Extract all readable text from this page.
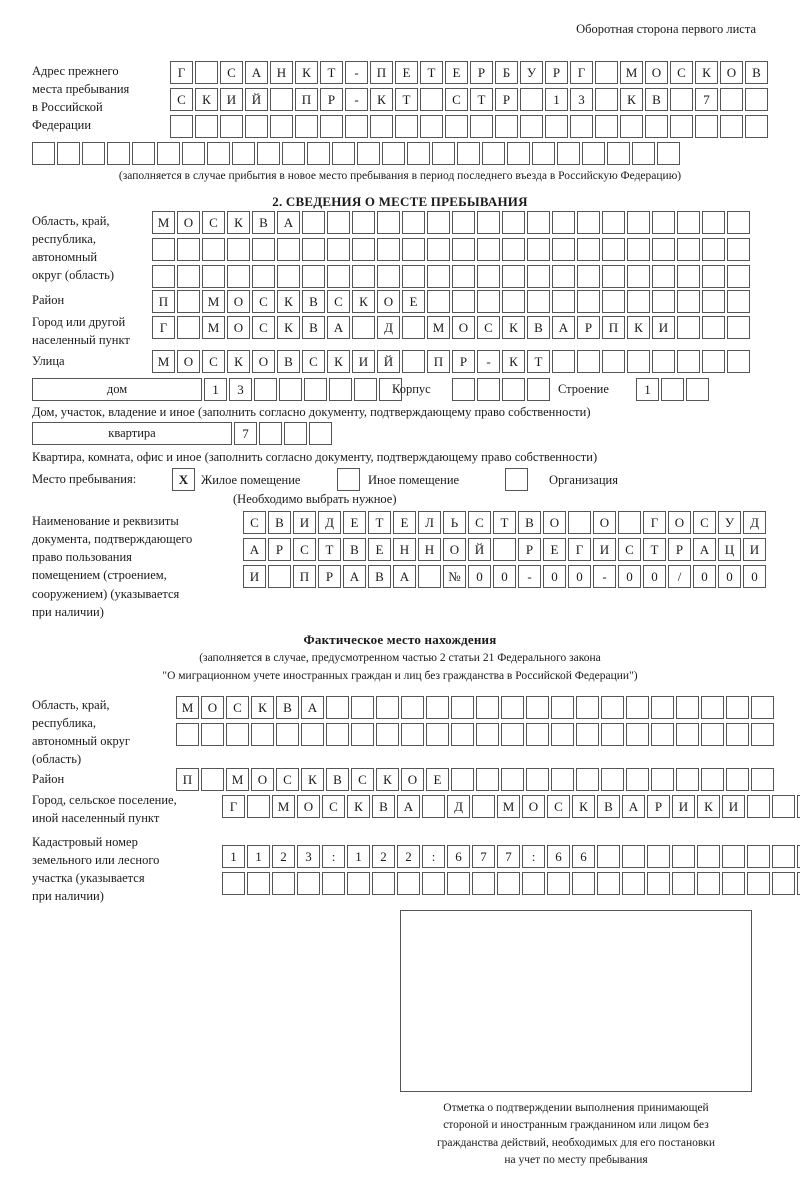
Оборотная сторона первого листа
Адрес прежнего
места пребывания
в Российской
Федерации
Г	С	А	Н	К	Т	-	П	Е	Т	Е	Р	Б	У	Р	Г	М	О	С	К	О	В
С	К	И	Й	П	Р	-	К	Т	С	Т	Р	1	3	К	В	7
(заполняется в случае прибытия в новое место пребывания в период последнего въезда в Российскую Федерацию)
2. СВЕДЕНИЯ О МЕСТЕ ПРЕБЫВАНИЯ
Область, край,
республика,
автономный
округ (область)
М	О	С	К	В	А
Район	П	М	О	С	К	В	С	К	О	Е
Город или другой
населенный пункт
Г	М	О	С	К	В	А	Д	М	О	С	К	В	А	Р	П	К	И
Улица	М	О	С	К	О	В	С	К	И	Й	П	Р	-	К	Т
дом	1	3	Корпус	Строение	1
Дом, участок, владение и иное (заполнить согласно документу, подтверждающему право собственности)
квартира	7
Квартира, комната, офис и иное (заполнить согласно документу, подтверждающему право собственности)
Место пребывания:	X	Жилое помещение	Иное помещение	Организация
(Необходимо выбрать нужное)
Наименование и реквизиты
документа, подтверждающего
право пользования
помещением (строением,
сооружением) (указывается
при наличии)
С	В	И	Д	Е	Т	Е	Л	Ь	С	Т	В	О	О	Г	О	С	У	Д
А	Р	С	Т	В	Е	Н	Н	О	Й	Р	Е	Г	И	С	Т	Р	А	Ц	И
И	П	Р	А	В	А	№	0	0	-	0	0	-	0	0	/	0	0	0
Фактическое место нахождения
(заполняется в случае, предусмотренном частью 2 статьи 21 Федерального закона
"О миграционном учете иностранных граждан и лиц без гражданства в Российской Федерации")
Область, край,
республика,
автономный округ
(область)
М	О	С	К	В	А
Район	П	М	О	С	К	В	С	К	О	Е
Город, сельское поселение,
иной населенный пункт
Г	М	О	С	К	В	А	Д	М	О	С	К	В	А	Р	И	К	И
Кадастровый номер
земельного или лесного
участка (указывается
при наличии)
1	1	2	3	:	1	2	2	:	6	7	7	:	6	6
Отметка о подтверждении выполнения принимающей
стороной и иностранным гражданином или лицом без
гражданства действий, необходимых для его постановки
на учет по месту пребывания
